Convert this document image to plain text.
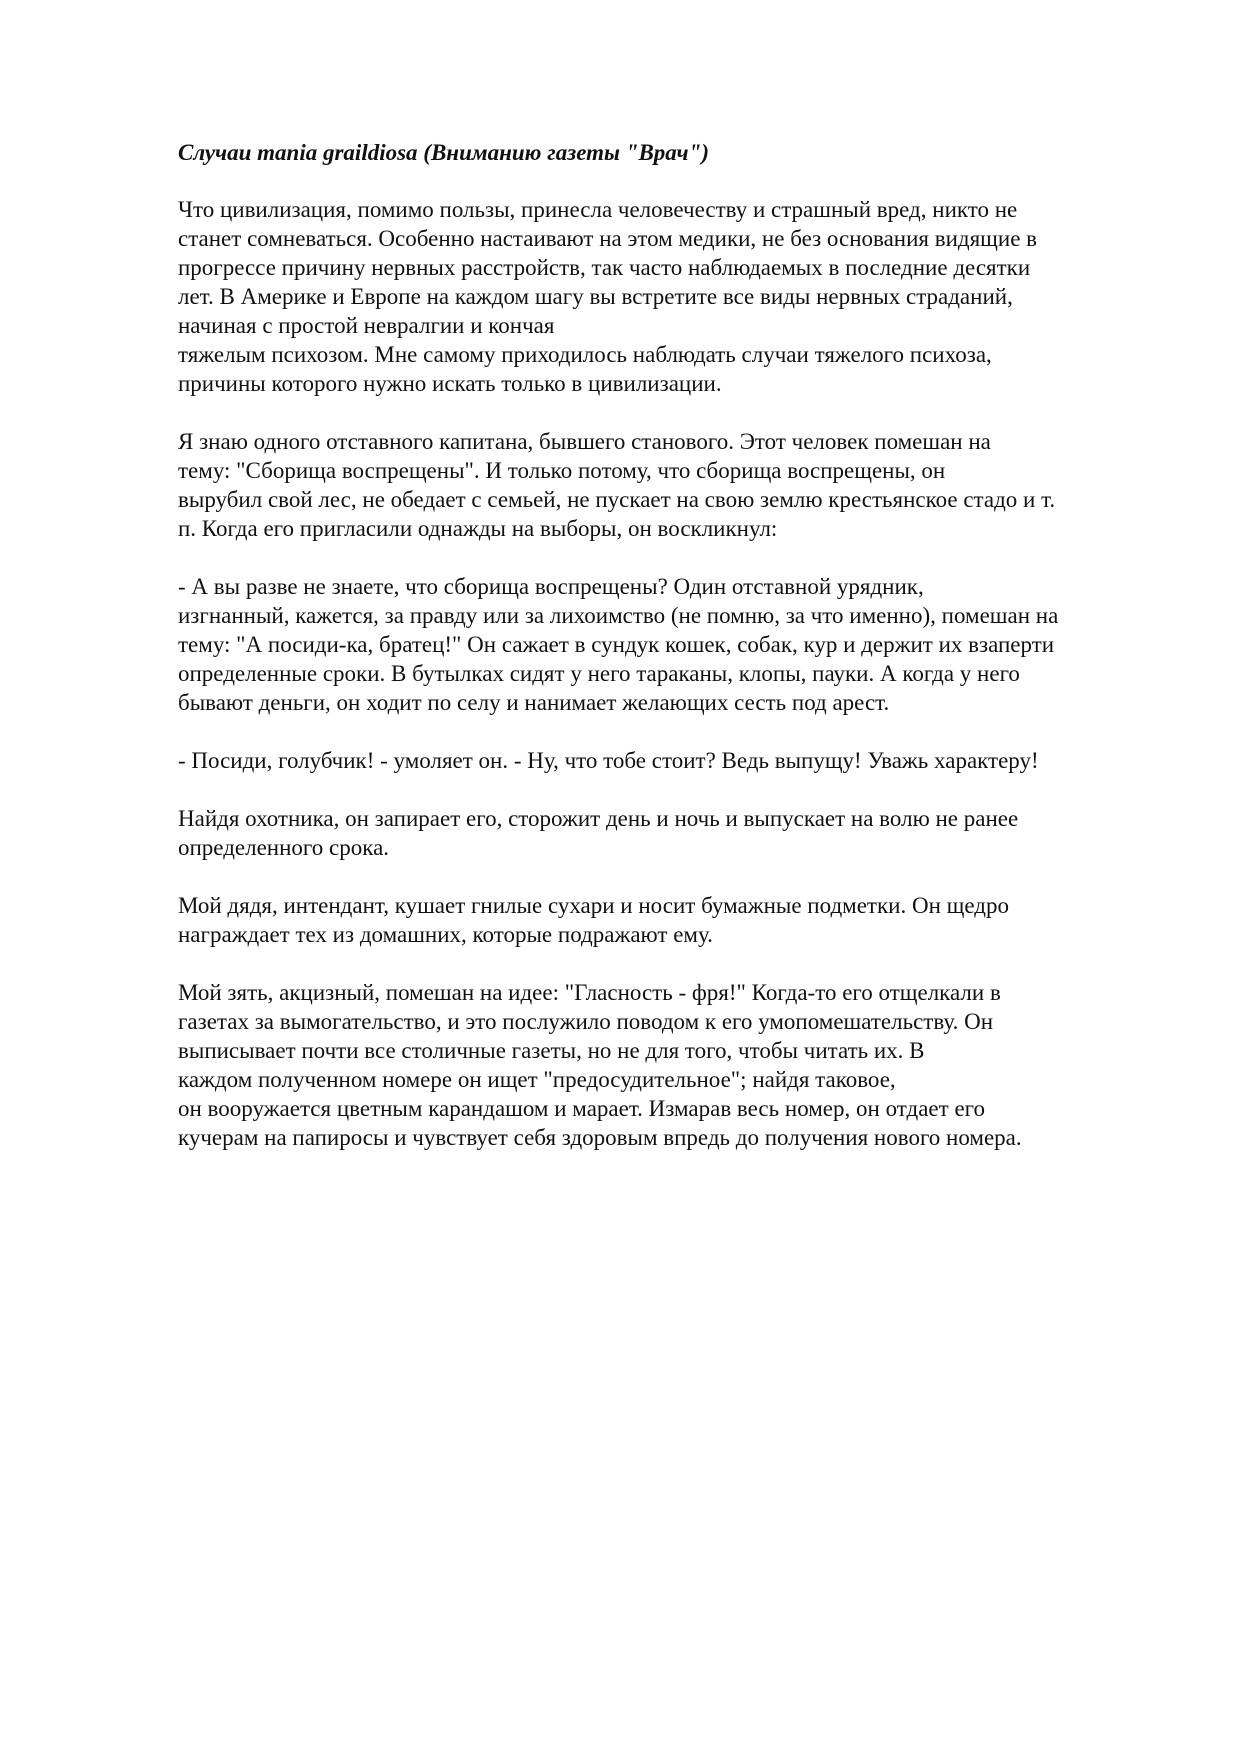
Случаи mania graildiosa (Вниманию газеты "Врач")

Что цивилизация, помимо пользы, принесла человечеству и страшный вред, никто не
станет сомневаться. Особенно настаивают на этом медики, не без основания видящие в
прогрессе причину нервных расстройств, так часто наблюдаемых в последние десятки
лет. В Америке и Европе на каждом шагу вы встретите все виды нервных страданий,
начиная с простой невралгии и кончая
тяжелым психозом. Мне самому приходилось наблюдать случаи тяжелого психоза,
причины которого нужно искать только в цивилизации.

Я знаю одного отставного капитана, бывшего станового. Этот человек помешан на
тему: "Сборища воспрещены". И только потому, что сборища воспрещены, он
вырубил свой лес, не обедает с семьей, не пускает на свою землю крестьянское стадо и т.
п. Когда его пригласили однажды на выборы, он воскликнул:

- А вы разве не знаете, что сборища воспрещены? Один отставной урядник,
изгнанный, кажется, за правду или за лихоимство (не помню, за что именно), помешан на
тему: "А посиди-ка, братец!" Он сажает в сундук кошек, собак, кур и держит их взаперти
определенные сроки. В бутылках сидят у него тараканы, клопы, пауки. А когда у него
бывают деньги, он ходит по селу и нанимает желающих сесть под арест.

- Посиди, голубчик! - умоляет он. - Ну, что тобе стоит? Ведь выпущу! Уважь характеру!

Найдя охотника, он запирает его, сторожит день и ночь и выпускает на волю не ранее
определенного срока.

Мой дядя, интендант, кушает гнилые сухари и носит бумажные подметки. Он щедро
награждает тех из домашних, которые подражают ему.

Мой зять, акцизный, помешан на идее: "Гласность - фря!" Когда-то его отщелкали в
газетах за вымогательство, и это послужило поводом к его умопомешательству. Он
выписывает почти все столичные газеты, но не для того, чтобы читать их. В
каждом полученном номере он ищет "предосудительное"; найдя таковое,
он вооружается цветным карандашом и марает. Измарав весь номер, он отдает его
кучерам на папиросы и чувствует себя здоровым впредь до получения нового номера.
